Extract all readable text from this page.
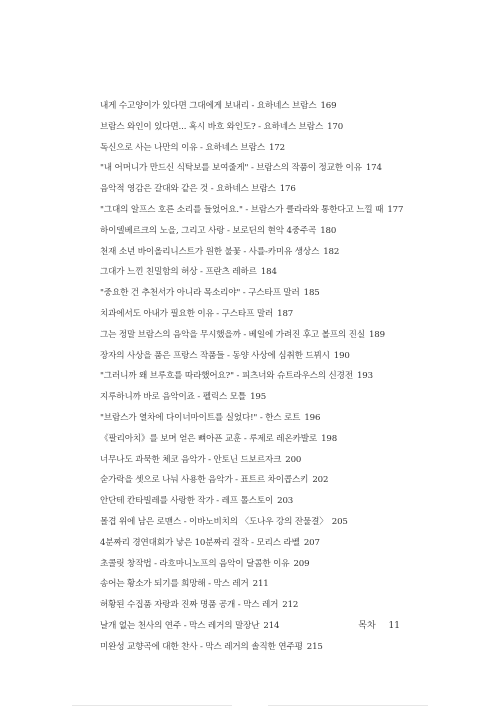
내게 수고양이가 있다면 그대에게 보내리 - 요하네스 브람스 169
브람스 와인이 있다면... 혹시 바흐 와인도? - 요하네스 브람스 170
독신으로 사는 나만의 이유 - 요하네스 브람스 172
"내 어머니가 만드신 식탁보를 보여줄게" - 브람스의 작품이 정교한 이유 174
음악적 영감은 갈대와 같은 것 - 요하네스 브람스 176
"그대의 알프스 호른 소리를 들었어요." - 브람스가 클라라와 통한다고 느낄 때 177
하이델베르크의 노을, 그리고 사랑 - 보로딘의 현악 4중주곡 180
천재 소년 바이올리니스트가 원한 불꽃 - 사를-카미유 생상스 182
그대가 느낀 친밀함의 허상 - 프란츠 레하르 184
"중요한 건 추천서가 아니라 목소리야" - 구스타프 말러 185
치과에서도 아내가 필요한 이유 - 구스타프 말러 187
그는 정말 브람스의 음악을 무시했을까 - 베일에 가려진 후고 볼프의 진실 189
장자의 사상을 품은 프랑스 작품들 - 동양 사상에 심취한 드뷔시 190
"그러니까 왜 브루흐를 따라했어요?" - 피츠너와 슈트라우스의 신경전 193
지루하니까 바로 음악이죠 - 펠릭스 모틀 195
"브람스가 열차에 다이너마이트를 실었다!" - 한스 로트 196
《팔리아치》를 보며 얻은 뼈아픈 교훈 - 루제로 레온카발로 198
너무나도 과묵한 체코 음악가 - 안토닌 드보르자크 200
숟가락을 셋으로 나눠 사용한 음악가 - 표트르 차이콥스키 202
안단테 칸타빌레를 사랑한 작가 - 레프 톨스토이 203
몰겹 위에 남은 로맨스 - 이바노비치의 〈도나우 강의 잔물결〉 205
4분짜리 경연대회가 낳은 10분짜리 걸작 - 모리스 라벨 207
초콜릿 창작법 - 라흐마니노프의 음악이 달콤한 이유 209
송어는 황소가 되기를 희망해 - 막스 레거 211
허황된 수집품 자랑과 진짜 명품 공개 - 막스 레거 212
날개 없는 천사의 연주 - 막스 레거의 말장난 214
미완성 교향곡에 대한 찬사 - 막스 레거의 솔직한 연주평 215
목차 11
